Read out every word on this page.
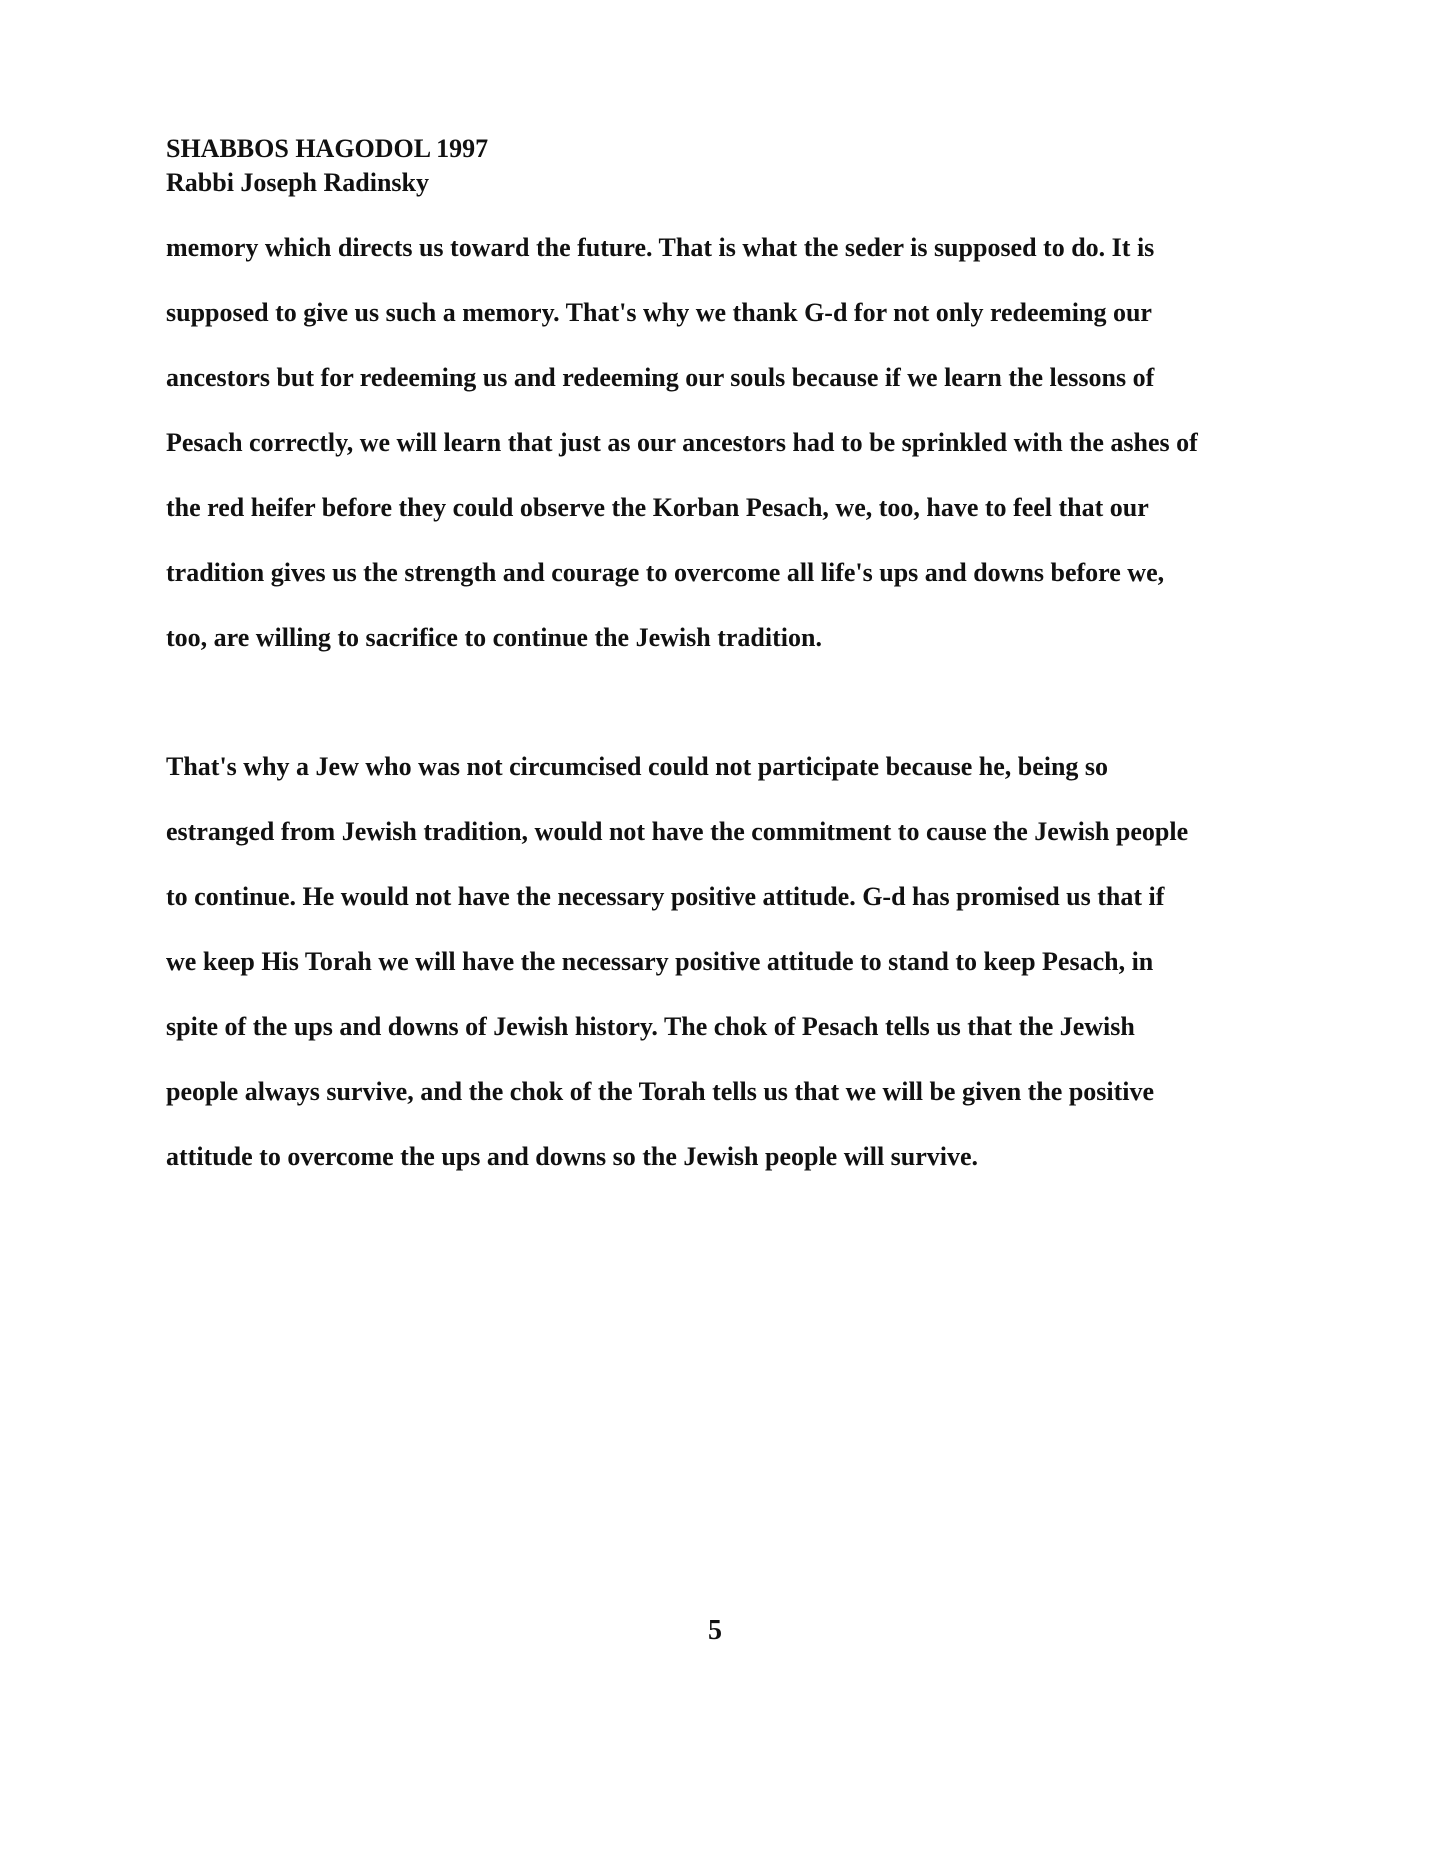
SHABBOS HAGODOL 1997
Rabbi Joseph Radinsky
memory which directs us toward the future. That is what the seder is supposed to do. It is
supposed to give us such a memory. That's why we thank G-d for not only redeeming our
ancestors but for redeeming us and redeeming our souls because if we learn the lessons of
Pesach correctly, we will learn that just as our ancestors had to be sprinkled with the ashes of
the red heifer before they could observe the Korban Pesach, we, too, have to feel that our
tradition gives us the strength and courage to overcome all life's ups and downs before we,
too, are willing to sacrifice to continue the Jewish tradition.
That's why a Jew who was not circumcised could not participate because he, being so
estranged from Jewish tradition, would not have the commitment to cause the Jewish people
to continue. He would not have the necessary positive attitude. G-d has promised us that if
we keep His Torah we will have the necessary positive attitude to stand to keep Pesach, in
spite of the ups and downs of Jewish history. The chok of Pesach tells us that the Jewish
people always survive, and the chok of the Torah tells us that we will be given the positive
attitude to overcome the ups and downs so the Jewish people will survive.
5
